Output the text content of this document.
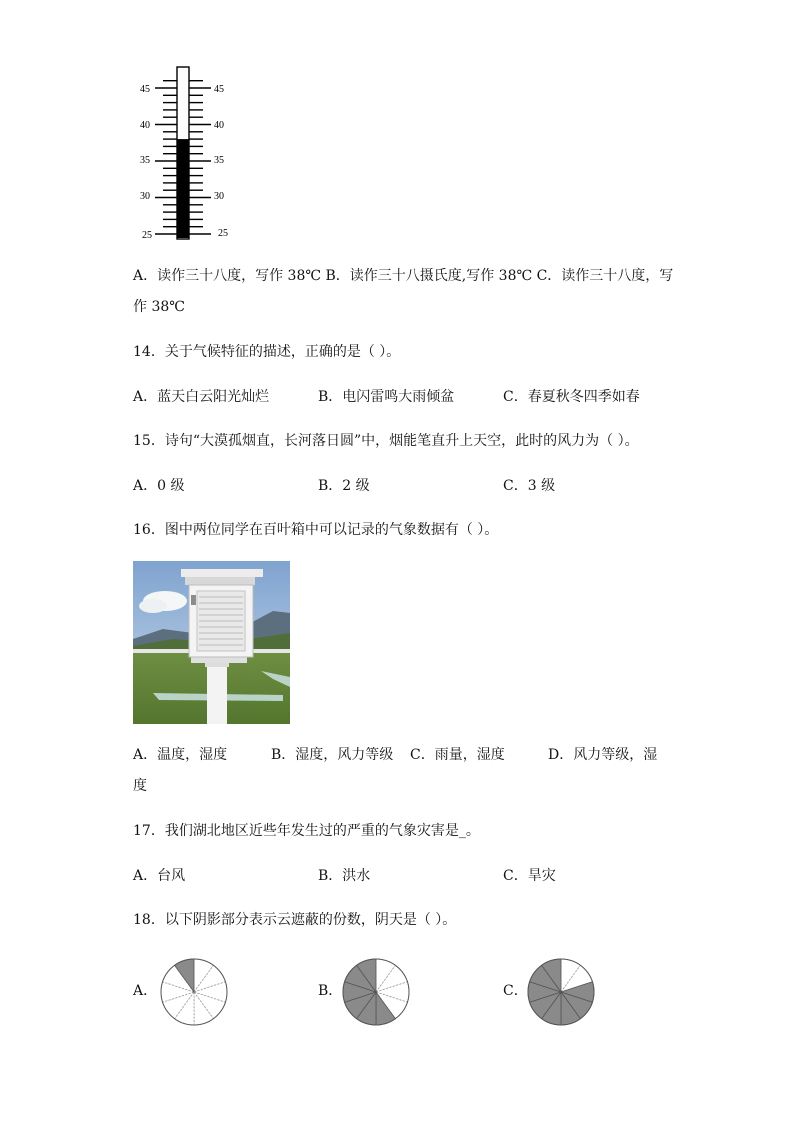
45
40
35
30
25
45
40
35
30
25
A．读作三十八度，写作 38℃ B．读作三十八摄氏度,写作 38℃ C．读作三十八度，写
作 38℃
14．关于气候特征的描述，正确的是（ ）。
A．蓝天白云阳光灿烂	B．电闪雷鸣大雨倾盆	C．春夏秋冬四季如春
15．诗句“大漠孤烟直，长河落日圆”中，烟能笔直升上天空，此时的风力为（ ）。
A．0 级	B．2 级	C．3 级
16．图中两位同学在百叶箱中可以记录的气象数据有（ ）。
A．温度，湿度	B．湿度，风力等级 C．雨量，湿度	D．风力等级，湿
度
17．我们湖北地区近些年发生过的严重的气象灾害是_。
A．台风	B．洪水	C．旱灾
18．以下阴影部分表示云遮蔽的份数，阴天是（ ）。
A．	B．	C．
